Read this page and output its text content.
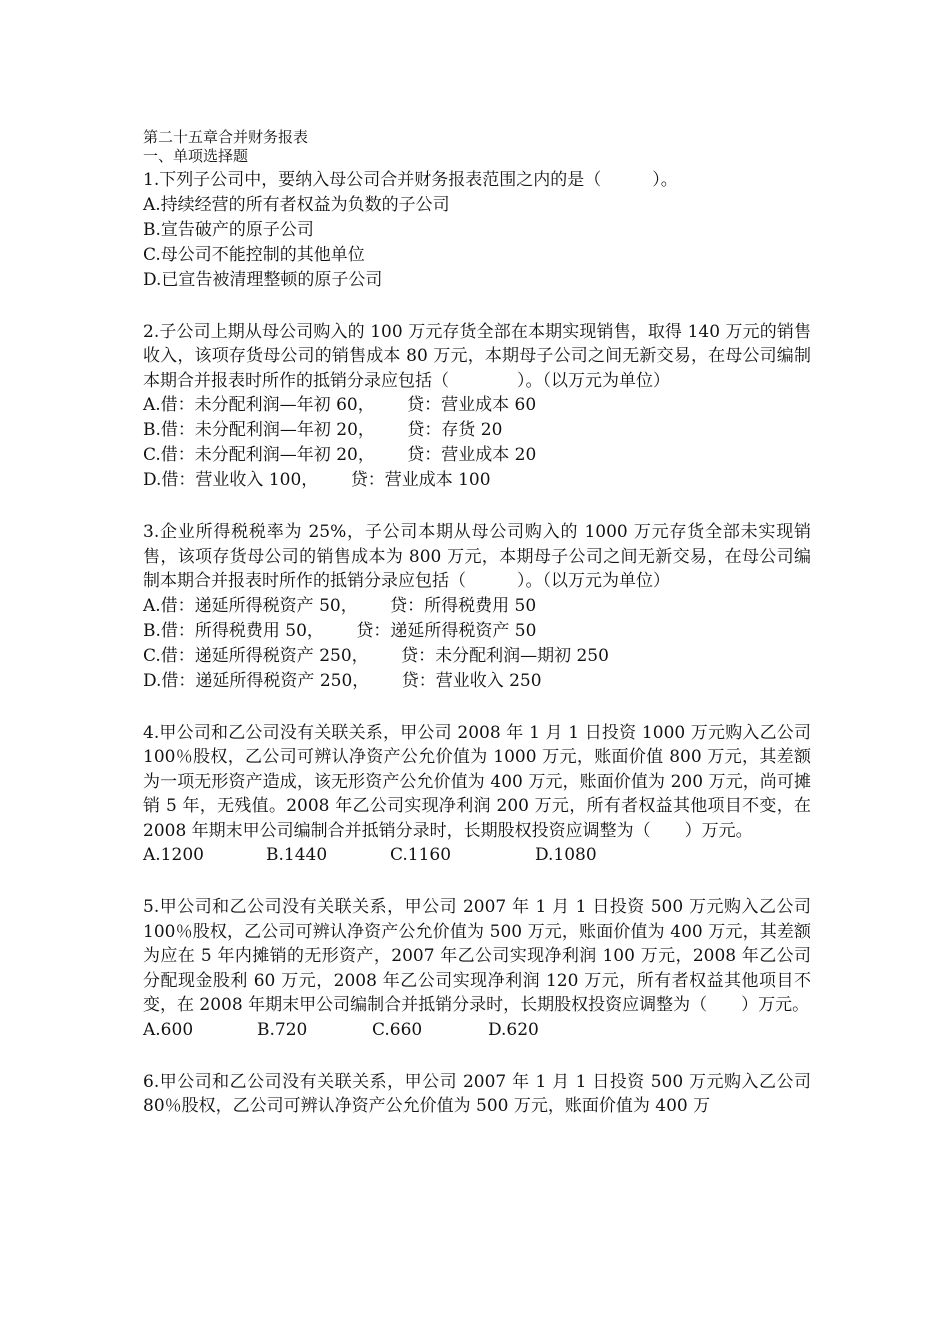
第二十五章合并财务报表

一、单项选择题

1.下列子公司中，要纳入母公司合并财务报表范围之内的是（　　　）。

A.持续经营的所有者权益为负数的子公司

B.宣告破产的原子公司

C.母公司不能控制的其他单位

D.已宣告被清理整顿的原子公司

2.子公司上期从母公司购入的 100 万元存货全部在本期实现销售，取得 140 万元的销售收入，该项存货母公司的销售成本 80 万元，本期母子公司之间无新交易，在母公司编制本期合并报表时所作的抵销分录应包括（　　　　）。（以万元为单位）

A.借：未分配利润—年初 60，      贷：营业成本 60

B.借：未分配利润—年初 20，      贷：存货 20

C.借：未分配利润—年初 20，      贷：营业成本 20

D.借：营业收入 100，      贷：营业成本 100

3.企业所得税税率为 25%，子公司本期从母公司购入的 1000 万元存货全部未实现销售，该项存货母公司的销售成本为 800 万元，本期母子公司之间无新交易，在母公司编制本期合并报表时所作的抵销分录应包括（　　　）。（以万元为单位）

A.借：递延所得税资产 50，      贷：所得税费用 50

B.借：所得税费用 50，      贷：递延所得税资产 50

C.借：递延所得税资产 250，      贷：未分配利润—期初 250

D.借：递延所得税资产 250，      贷：营业收入 250

4.甲公司和乙公司没有关联关系，甲公司 2008 年 1 月 1 日投资 1000 万元购入乙公司 100％股权，乙公司可辨认净资产公允价值为 1000 万元，账面价值 800 万元，其差额为一项无形资产造成，该无形资产公允价值为 400 万元，账面价值为 200 万元，尚可摊销 5 年，无残值。2008 年乙公司实现净利润 200 万元，所有者权益其他项目不变，在 2008 年期末甲公司编制合并抵销分录时，长期股权投资应调整为（　　）万元。

A.1200	B.1440	C.1160	D.1080

5.甲公司和乙公司没有关联关系，甲公司 2007 年 1 月 1 日投资 500 万元购入乙公司 100％股权，乙公司可辨认净资产公允价值为 500 万元，账面价值为 400 万元，其差额为应在 5 年内摊销的无形资产，2007 年乙公司实现净利润 100 万元，2008 年乙公司分配现金股利 60 万元，2008 年乙公司实现净利润 120 万元，所有者权益其他项目不变，在 2008 年期末甲公司编制合并抵销分录时，长期股权投资应调整为（　　）万元。

A.600	B.720	C.660	D.620

6.甲公司和乙公司没有关联关系，甲公司 2007 年 1 月 1 日投资 500 万元购入乙公司 80％股权，乙公司可辨认净资产公允价值为 500 万元，账面价值为 400 万
